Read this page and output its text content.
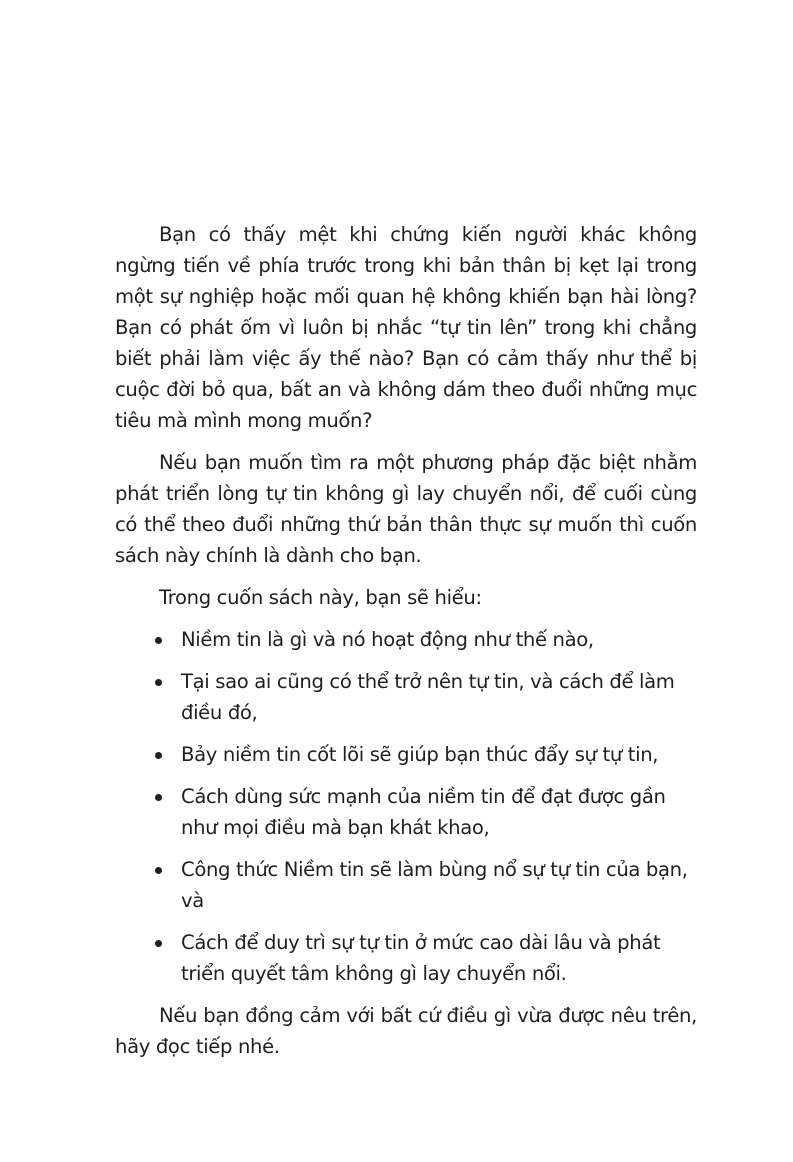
Bạn có thấy mệt khi chứng kiến người khác không ngừng tiến về phía trước trong khi bản thân bị kẹt lại trong một sự nghiệp hoặc mối quan hệ không khiến bạn hài lòng? Bạn có phát ốm vì luôn bị nhắc “tự tin lên” trong khi chẳng biết phải làm việc ấy thế nào? Bạn có cảm thấy như thể bị cuộc đời bỏ qua, bất an và không dám theo đuổi những mục tiêu mà mình mong muốn?

Nếu bạn muốn tìm ra một phương pháp đặc biệt nhằm phát triển lòng tự tin không gì lay chuyển nổi, để cuối cùng có thể theo đuổi những thứ bản thân thực sự muốn thì cuốn sách này chính là dành cho bạn.

Trong cuốn sách này, bạn sẽ hiểu:

Niềm tin là gì và nó hoạt động như thế nào,
Tại sao ai cũng có thể trở nên tự tin, và cách để làm điều đó,
Bảy niềm tin cốt lõi sẽ giúp bạn thúc đẩy sự tự tin,
Cách dùng sức mạnh của niềm tin để đạt được gần như mọi điều mà bạn khát khao,
Công thức Niềm tin sẽ làm bùng nổ sự tự tin của bạn, và
Cách để duy trì sự tự tin ở mức cao dài lâu và phát triển quyết tâm không gì lay chuyển nổi.

Nếu bạn đồng cảm với bất cứ điều gì vừa được nêu trên, hãy đọc tiếp nhé.
